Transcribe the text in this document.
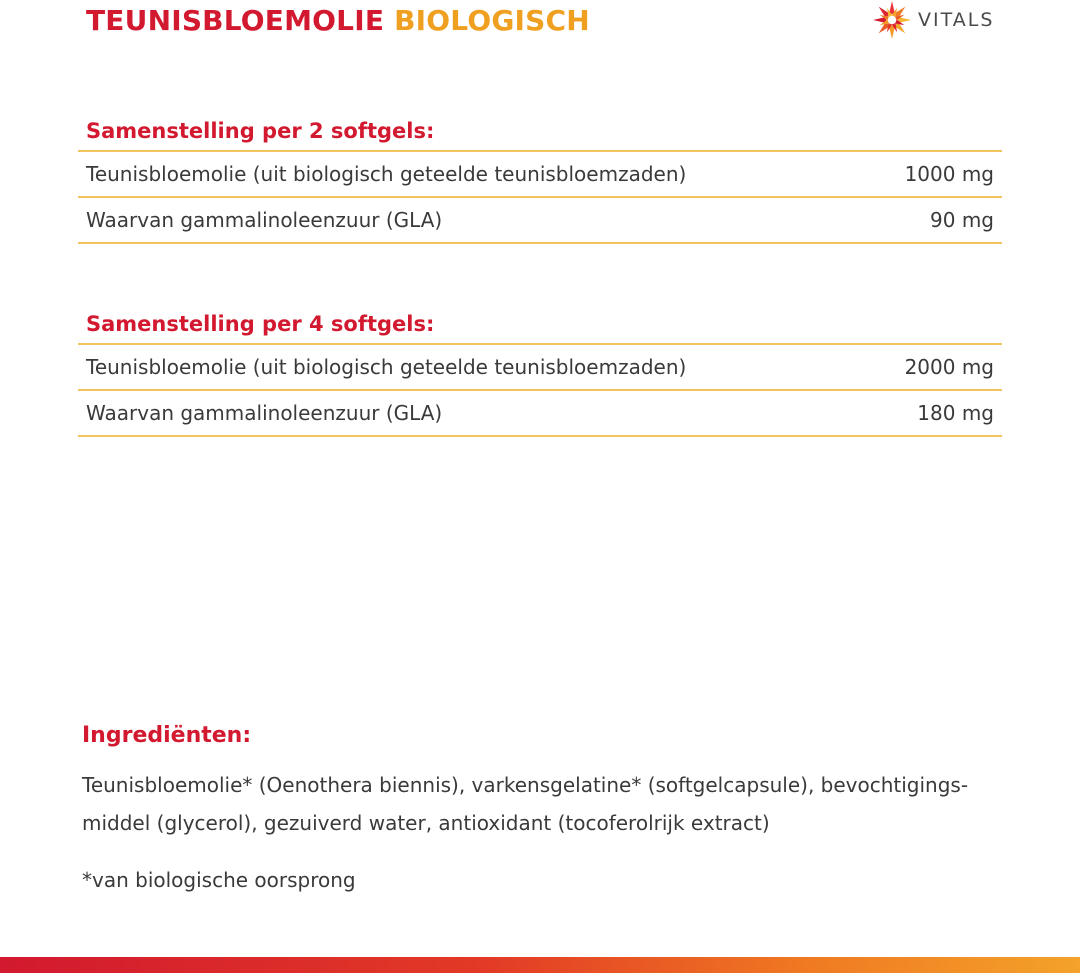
TEUNISBLOEMOLIE BIOLOGISCH	VITALS
Samenstelling per 2 softgels:
Teunisbloemolie (uit biologisch geteelde teunisbloemzaden)	1000 mg
Waarvan gammalinoleenzuur (GLA)	90 mg
Samenstelling per 4 softgels:
Teunisbloemolie (uit biologisch geteelde teunisbloemzaden)	2000 mg
Waarvan gammalinoleenzuur (GLA)	180 mg
Ingrediënten:
Teunisbloemolie* (Oenothera biennis), varkensgelatine* (softgelcapsule), bevochtigings-
middel (glycerol), gezuiverd water, antioxidant (tocoferolrijk extract)
*van biologische oorsprong
